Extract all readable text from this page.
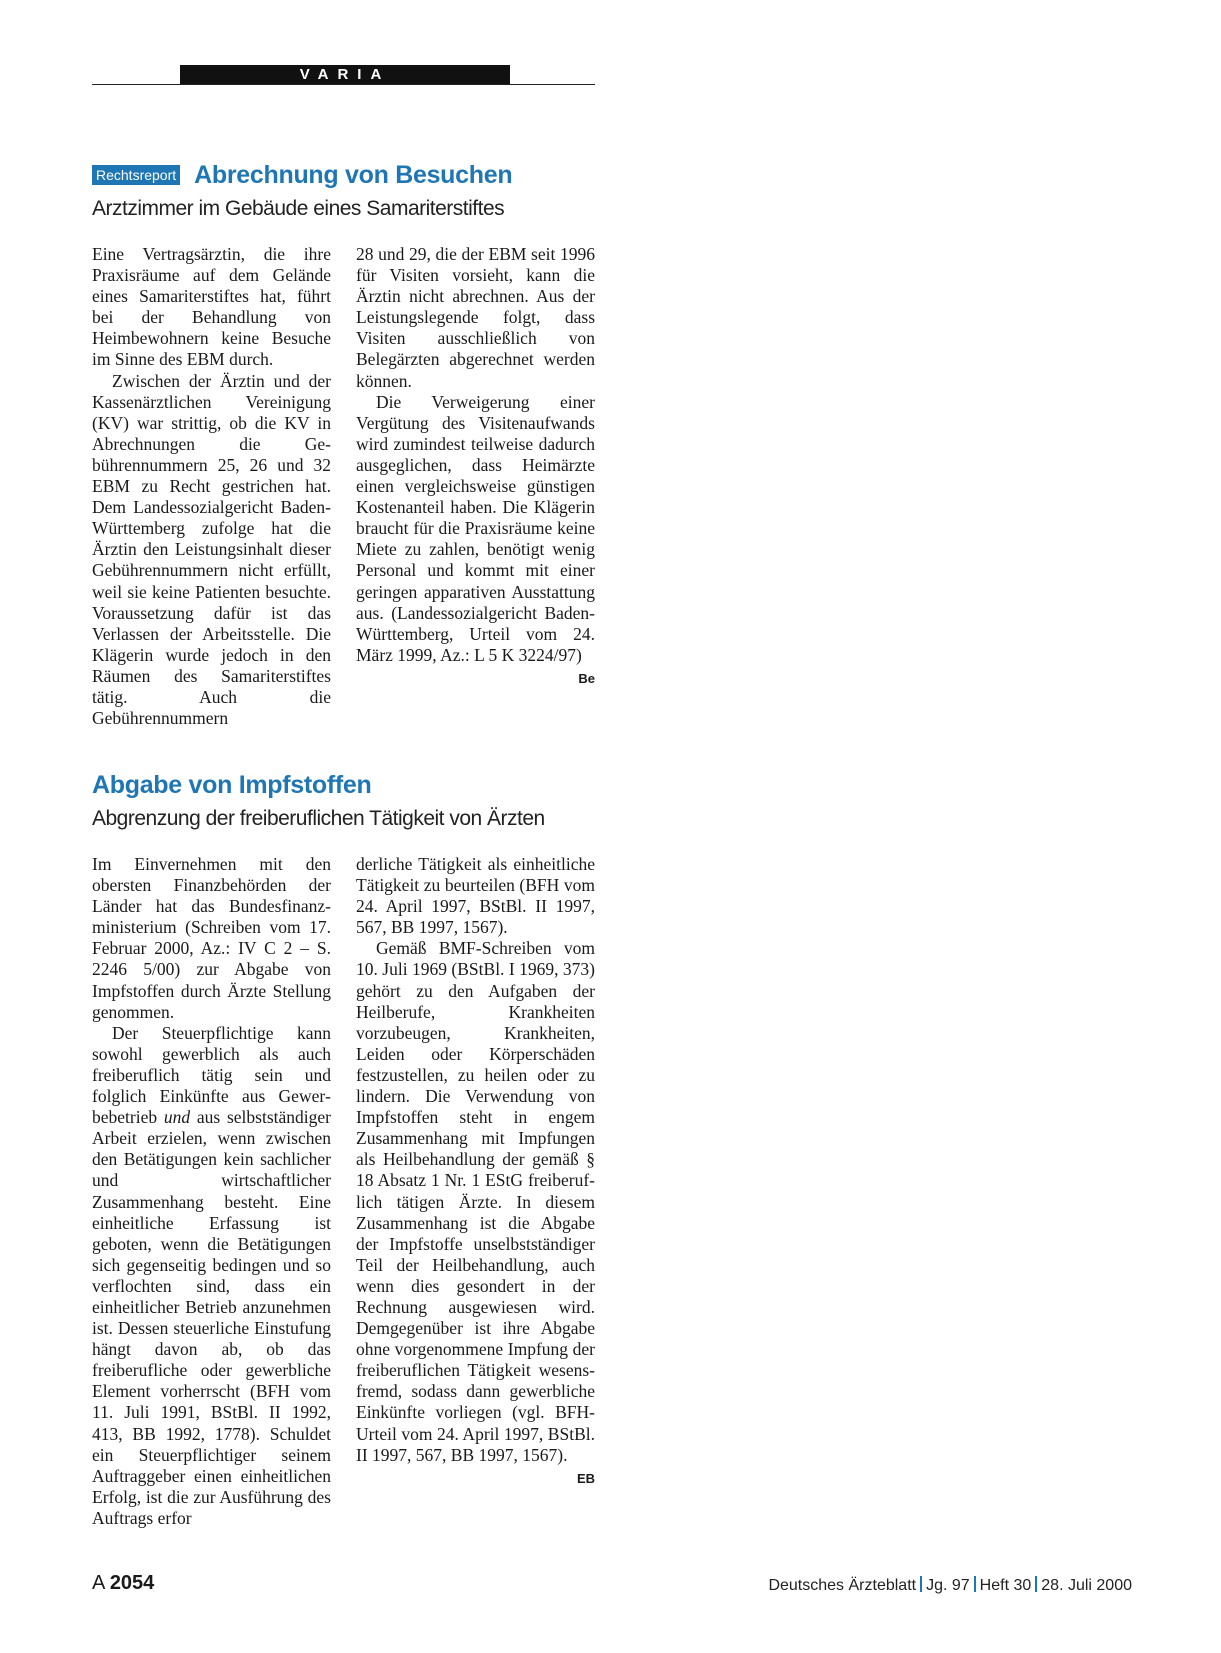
VARIA
Rechtsreport Abrechnung von Besuchen
Arztzimmer im Gebäude eines Samariterstiftes

Eine Vertragsärztin, die ihre Praxisräume auf dem Gelände eines Samariterstiftes hat, führt bei der Behandlung von Heimbewohnern keine Besuche im Sinne des EBM durch.

Zwischen der Ärztin und der Kassenärztlichen Vereinigung (KV) war strittig, ob die KV in Abrechnungen die Gebührennummern 25, 26 und 32 EBM zu Recht gestrichen hat. Dem Landessozialgericht Baden-Württemberg zufolge hat die Ärztin den Leistungsinhalt dieser Gebührennummern nicht erfüllt, weil sie keine Patienten besuchte. Voraussetzung dafür ist das Verlassen der Arbeitsstelle. Die Klägerin wurde jedoch in den Räumen des Samariterstiftes tätig. Auch die Gebührennummern

28 und 29, die der EBM seit 1996 für Visiten vorsieht, kann die Ärztin nicht abrechnen. Aus der Leistungslegende folgt, dass Visiten ausschließlich von Belegärzten abgerechnet werden können.

Die Verweigerung einer Vergütung des Visitenaufwands wird zumindest teilweise dadurch ausgeglichen, dass Heimärzte einen vergleichsweise günstigen Kostenanteil haben. Die Klägerin braucht für die Praxisräume keine Miete zu zahlen, benötigt wenig Personal und kommt mit einer geringen apparativen Ausstattung aus. (Landessozialgericht Baden-Württemberg, Urteil vom 24. März 1999, Az.: L 5 K 3224/97)
Be

Abgabe von Impfstoffen
Abgrenzung der freiberuflichen Tätigkeit von Ärzten

Im Einvernehmen mit den obersten Finanzbehörden der Länder hat das Bundesfinanzministerium (Schreiben vom 17. Februar 2000, Az.: IV C 2 – S. 2246 5/00) zur Abgabe von Impfstoffen durch Ärzte Stellung genommen.

Der Steuerpflichtige kann sowohl gewerblich als auch freiberuflich tätig sein und folglich Einkünfte aus Gewerbebetrieb und aus selbstständiger Arbeit erzielen, wenn zwischen den Betätigungen kein sachlicher und wirtschaftlicher Zusammenhang besteht. Eine einheitliche Erfassung ist geboten, wenn die Betätigungen sich gegenseitig bedingen und so verflochten sind, dass ein einheitlicher Betrieb anzunehmen ist. Dessen steuerliche Einstufung hängt davon ab, ob das freiberufliche oder gewerbliche Element vorherrscht (BFH vom 11. Juli 1991, BStBl. II 1992, 413, BB 1992, 1778). Schuldet ein Steuerpflichtiger seinem Auftraggeber einen einheitlichen Erfolg, ist die zur Ausführung des Auftrags erfor

derliche Tätigkeit als einheitliche Tätigkeit zu beurteilen (BFH vom 24. April 1997, BStBl. II 1997, 567, BB 1997, 1567).

Gemäß BMF-Schreiben vom 10. Juli 1969 (BStBl. I 1969, 373) gehört zu den Aufgaben der Heilberufe, Krankheiten vorzubeugen, Krankheiten, Leiden oder Körperschäden festzustellen, zu heilen oder zu lindern. Die Verwendung von Impfstoffen steht in engem Zusammenhang mit Impfungen als Heilbehandlung der gemäß § 18 Absatz 1 Nr. 1 EStG freiberuflich tätigen Ärzte. In diesem Zusammenhang ist die Abgabe der Impfstoffe unselbstständiger Teil der Heilbehandlung, auch wenn dies gesondert in der Rechnung ausgewiesen wird. Demgegenüber ist ihre Abgabe ohne vorgenommene Impfung der freiberuflichen Tätigkeit wesensfremd, sodass dann gewerbliche Einkünfte vorliegen (vgl. BFH-Urteil vom 24. April 1997, BStBl. II 1997, 567, BB 1997, 1567).
EB

A 2054	Deutsches Ärzteblatt Jg. 97 Heft 30 28. Juli 2000
